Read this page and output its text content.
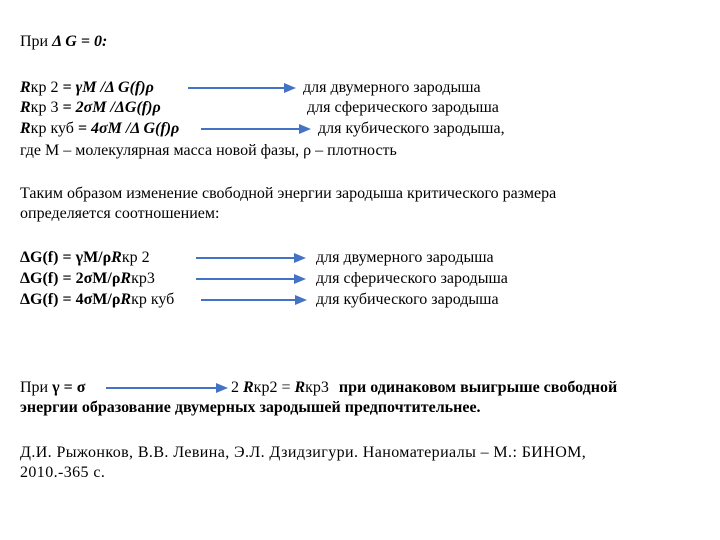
При Δ G = 0:
Rкр 2 = γM /Δ G(f)ρ	для двумерного зародыша
Rкр 3 = 2σM /ΔG(f)ρ	для сферического зародыша
Rкр куб = 4σM /Δ G(f)ρ	для кубического зародыша,
где М – молекулярная масса новой фазы, ρ – плотность
Таким образом изменение свободной энергии зародыша критического размера
определяется соотношением:
ΔG(f) = γM/ρRкр 2	для двумерного зародыша
ΔG(f) = 2σM/ρRкр3	для сферического зародыша
ΔG(f) = 4σM/ρRкр куб	для кубического зародыша
При γ = σ	2 Rкр2 = Rкр3 при одинаковом выигрыше свободной
энергии образование двумерных зародышей предпочтительнее.
Д.И. Рыжонков, В.В. Левина, Э.Л. Дзидзигури. Наноматериалы – М.: БИНОМ,
2010.-365 с.
